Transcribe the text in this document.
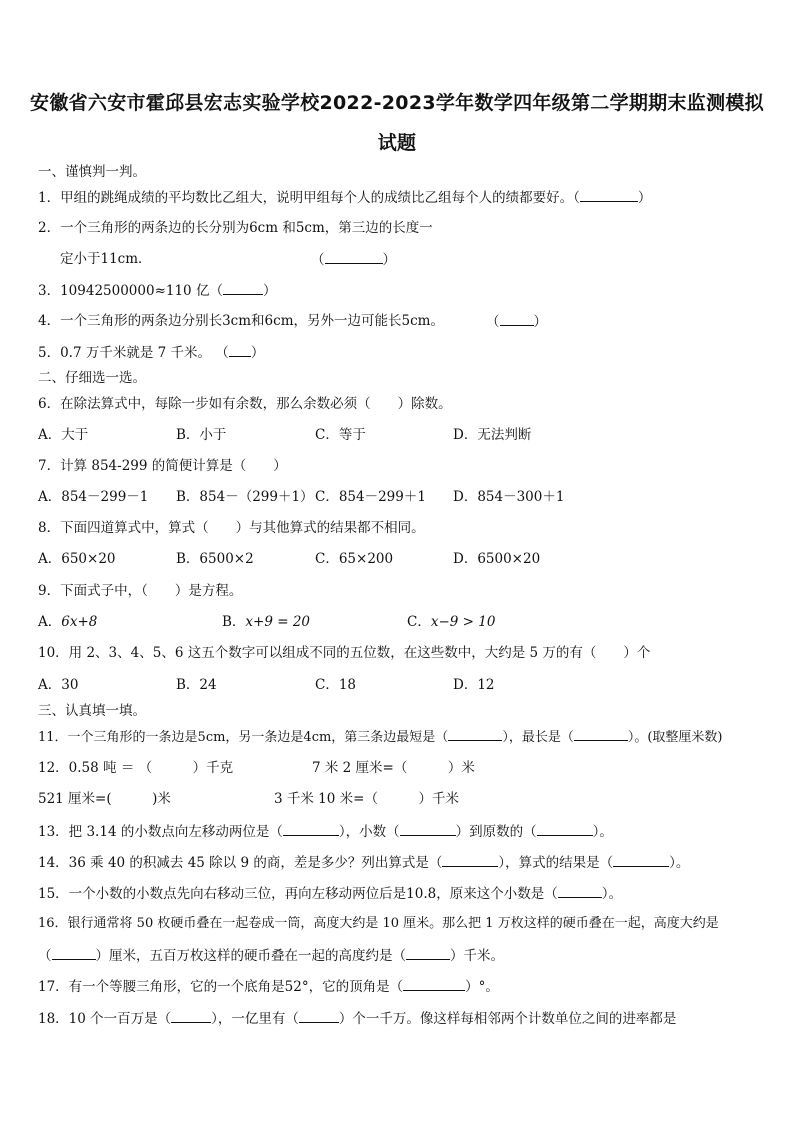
安徽省六安市霍邱县宏志实验学校2022-2023学年数学四年级第二学期期末监测模拟
试题
一、谨慎判一判。
1．甲组的跳绳成绩的平均数比乙组大，说明甲组每个人的成绩比乙组每个人的绩都要好。（	）
2．一个三角形的两条边的长分别为6cm 和5cm，第三边的长度一
定小于11cm．	（	）
3．10942500000≈110 亿（	）
4．一个三角形的两条边分别长3cm和6cm，另外一边可能长5cm。	（	）
5．0.7 万千米就是 7 千米。 （ ）
二、仔细选一选。
6．在除法算式中，每除一步如有余数，那么余数必须（　　）除数。
A．大于	B．小于	C．等于	D．无法判断
7．计算 854-299 的简便计算是（　　）
A．854－299－1 B．854－（299＋1） C．854－299＋1 D．854－300＋1
8．下面四道算式中，算式（　　）与其他算式的结果都不相同。
A．650×20	B．6500×2	C．65×200	D．6500×20
9．下面式子中，（　　）是方程。
A．6x+8	B．x+9 = 20	C．x−9 > 10
10．用 2、3、4、5、6 这五个数字可以组成不同的五位数，在这些数中，大约是 5 万的有（　　）个
A．30	B．24	C．18	D．12
三、认真填一填。
11．一个三角形的一条边是5cm，另一条边是4cm，第三条边最短是（	），最长是（	）。(取整厘米数)
12．0.58 吨 ＝ （　　　）千克	7 米 2 厘米=（　　　）米
521 厘米=(　　　)米	3 千米 10 米=（　　　）千米
13．把 3.14 的小数点向左移动两位是（	），小数（	）到原数的（	）。
14．36 乘 40 的积减去 45 除以 9 的商，差是多少？列出算式是（	），算式的结果是（	）。
15．一个小数的小数点先向右移动三位，再向左移动两位后是10.8，原来这个小数是（	）。
16．银行通常将 50 枚硬币叠在一起卷成一筒，高度大约是 10 厘米。那么把 1 万枚这样的硬币叠在一起，高度大约是
（	）厘米，五百万枚这样的硬币叠在一起的高度约是（	）千米。
17．有一个等腰三角形，它的一个底角是52°，它的顶角是（	）°。
18．10 个一百万是（	），一亿里有（	）个一千万。像这样每相邻两个计数单位之间的进率都是
